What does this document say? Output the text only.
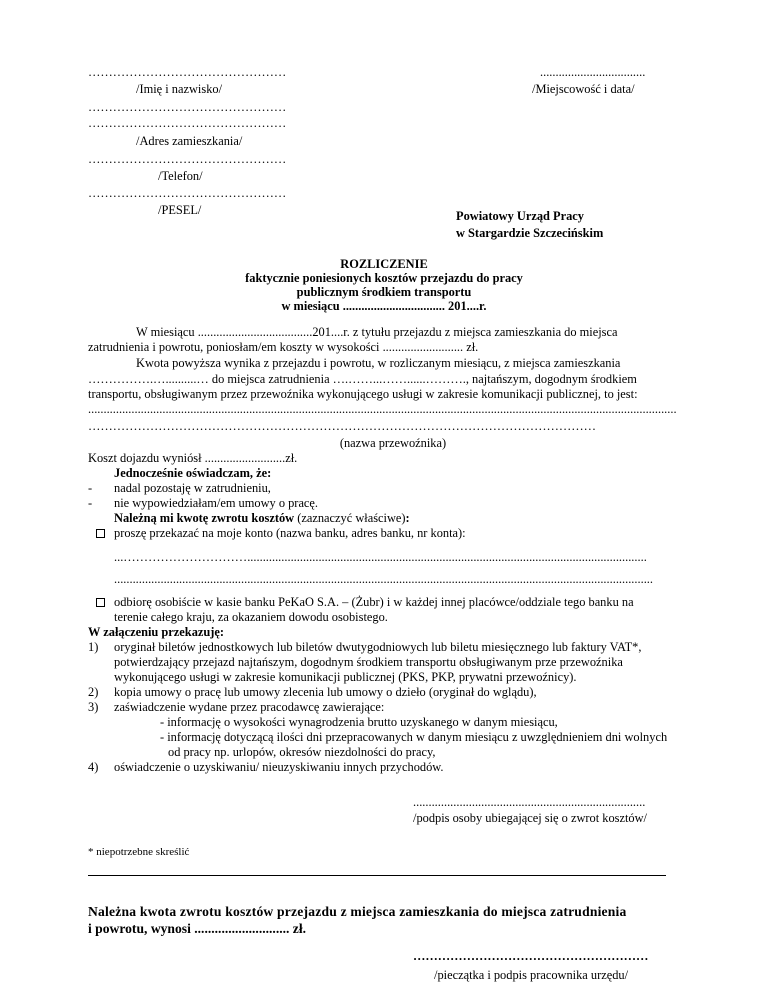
…………………………………………
/Imię i nazwisko/
..................................
/Miejscowość i data/
…………………………………………
…………………………………………
/Adres zamieszkania/
…………………………………………
/Telefon/
…………………………………………
/PESEL/	Powiatowy Urząd Pracy
w Stargardzie Szczecińskim
ROZLICZENIE
faktycznie poniesionych kosztów przejazdu do pracy
publicznym środkiem transportu
w miesiącu ................................. 201....r.
W miesiącu .....................................201....r. z tytułu przejazdu z miejsca zamieszkania do miejsca
zatrudnienia i powrotu, poniosłam/em koszty w wysokości .......................... zł.
Kwota powyższa wynika z przejazdu i powrotu, w rozliczanym miesiącu, z miejsca zamieszkania
…………….…..........… do miejsca zatrudnienia ….……...……......………., najtańszym, dogodnym środkiem
transportu, obsługiwanym przez przewoźnika wykonującego usługi w zakresie komunikacji publicznej, to jest:
..............................................................................................................................................................................................
……………………………………………………………………………………………………………
(nazwa przewoźnika)
Koszt dojazdu wyniósł ..........................zł.
Jednocześnie oświadczam, że:
- nadal pozostaję w zatrudnieniu,
- nie wypowiedziałam/em umowy o pracę.
Należną mi kwotę zwrotu kosztów (zaznaczyć właściwe):
proszę przekazać na moje konto (nazwa banku, adres banku, nr konta):
...………………………….................................................................................................................................
..............................................................................................................................................................................
odbiorę osobiście w kasie banku PeKaO S.A. – (Żubr) i w każdej innej placówce/oddziale tego banku na
terenie całego kraju, za okazaniem dowodu osobistego.
W załączeniu przekazuję:
1) oryginał biletów jednostkowych lub biletów dwutygodniowych lub biletu miesięcznego lub faktury VAT*,
potwierdzający przejazd najtańszym, dogodnym środkiem transportu obsługiwanym prze przewoźnika
wykonującego usługi w zakresie komunikacji publicznej (PKS, PKP, prywatni przewoźnicy).
2) kopia umowy o pracę lub umowy zlecenia lub umowy o dzieło (oryginał do wglądu),
3) zaświadczenie wydane przez pracodawcę zawierające:
- informację o wysokości wynagrodzenia brutto uzyskanego w danym miesiącu,
- informację dotyczącą ilości dni przepracowanych w danym miesiącu z uwzględnieniem dni wolnych
od pracy np. urlopów, okresów niezdolności do pracy,
4) oświadczenie o uzyskiwaniu/ nieuzyskiwaniu innych przychodów.
...........................................................................
/podpis osoby ubiegającej się o zwrot kosztów/
* niepotrzebne skreślić
Należna kwota zwrotu kosztów przejazdu z miejsca zamieszkania do miejsca zatrudnienia
i powrotu, wynosi ............................ zł.
…………………………………………………
/pieczątka i podpis pracownika urzędu/
